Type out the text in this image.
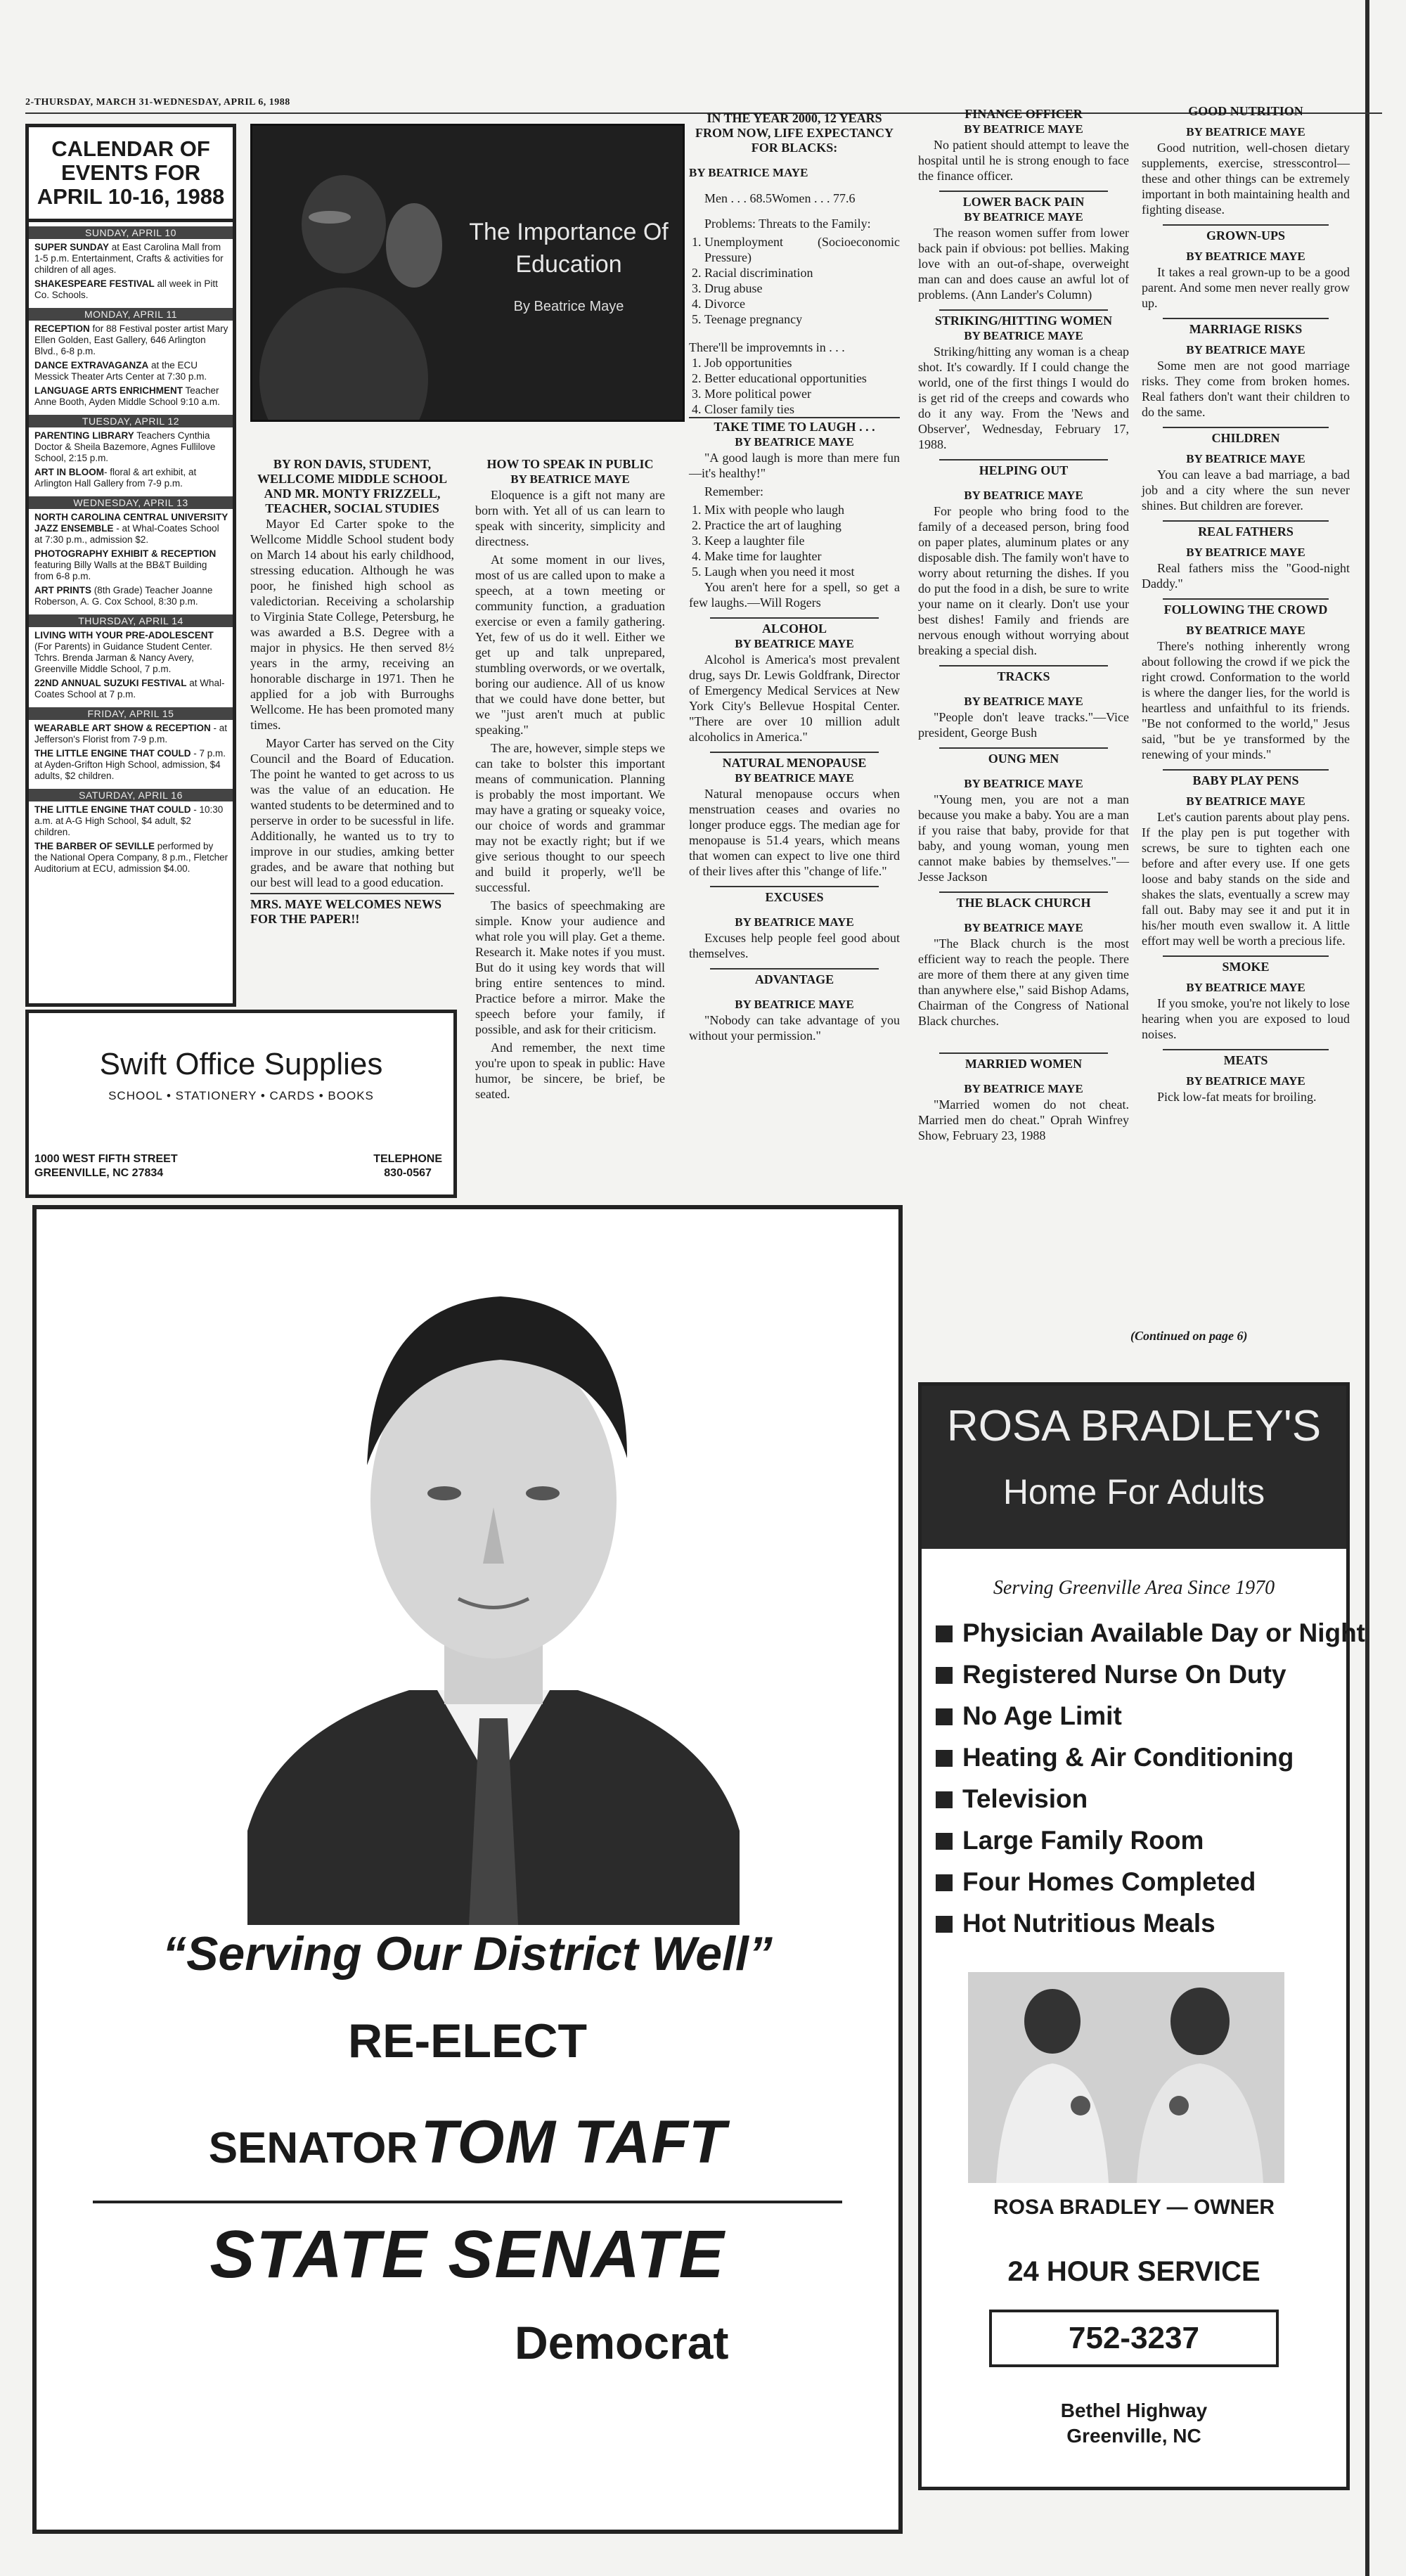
2-THURSDAY, MARCH 31-WEDNESDAY, APRIL 6, 1988
CALENDAR OF EVENTS FOR APRIL 10-16, 1988
SUNDAY, APRIL 10
SUPER SUNDAY at East Carolina Mall from 1-5 p.m. Entertainment, Crafts & activities for children of all ages.
SHAKESPEARE FESTIVAL all week in Pitt Co. Schools.
MONDAY, APRIL 11
RECEPTION for 88 Festival poster artist Mary Ellen Golden, East Gallery, 646 Arlington Blvd., 6-8 p.m.
DANCE EXTRAVAGANZA at the ECU Messick Theater Arts Center at 7:30 p.m.
LANGUAGE ARTS ENRICHMENT Teacher Anne Booth, Ayden Middle School 9:10 a.m.
TUESDAY, APRIL 12
PARENTING LIBRARY Teachers Cynthia Doctor & Sheila Bazemore, Agnes Fullilove School, 2:15 p.m.
ART IN BLOOM- floral & art exhibit, at Arlington Hall Gallery from 7-9 p.m.
WEDNESDAY, APRIL 13
NORTH CAROLINA CENTRAL UNIVERSITY JAZZ ENSEMBLE - at Whal-Coates School at 7:30 p.m., admission $2.
PHOTOGRAPHY EXHIBIT & RECEPTION featuring Billy Walls at the BB&T Building from 6-8 p.m.
ART PRINTS (8th Grade) Teacher Joanne Roberson, A. G. Cox School, 8:30 p.m.
THURSDAY, APRIL 14
LIVING WITH YOUR PRE-ADOLESCENT (For Parents) in Guidance Student Center. Tchrs. Brenda Jarman & Nancy Avery, Greenville Middle School, 7 p.m.
22ND ANNUAL SUZUKI FESTIVAL at Whal-Coates School at 7 p.m.
FRIDAY, APRIL 15
WEARABLE ART SHOW & RECEPTION - at Jefferson's Florist from 7-9 p.m.
THE LITTLE ENGINE THAT COULD - 7 p.m. at Ayden-Grifton High School, admission, $4 adults, $2 children.
SATURDAY, APRIL 16
THE LITTLE ENGINE THAT COULD - 10:30 a.m. at A-G High School, $4 adult, $2 children.
THE BARBER OF SEVILLE performed by the National Opera Company, 8 p.m., Fletcher Auditorium at ECU, admission $4.00.
The Importance Of Education
By Beatrice Maye
BY RON DAVIS, STUDENT, WELLCOME MIDDLE SCHOOL AND MR. MONTY FRIZZELL, TEACHER, SOCIAL STUDIES

Mayor Ed Carter spoke to the Wellcome Middle School student body on March 14 about his early childhood, stressing education. Although he was poor, he finished high school as valedictorian. Receiving a scholarship to Virginia State College, Petersburg, he was awarded a B.S. Degree with a major in physics. He then served 8½ years in the army, receiving an honorable discharge in 1971. Then he applied for a job with Burroughs Wellcome. He has been promoted many times.

Mayor Carter has served on the City Council and the Board of Education. The point he wanted to get across to us was the value of an education. He wanted students to be determined and to perserve in order to be sucessful in life. Additionally, he wanted us to try to improve in our studies, amking better grades, and be aware that nothing but our best will lead to a good education.

MRS. MAYE WELCOMES NEWS FOR THE PAPER!!
HOW TO SPEAK IN PUBLIC
BY BEATRICE MAYE

Eloquence is a gift not many are born with. Yet all of us can learn to speak with sincerity, simplicity and directness.

At some moment in our lives, most of us are called upon to make a speech, at a town meeting or community function, a graduation exercise or even a family gathering. Yet, few of us do it well. Either we get up and talk unprepared, stumbling overwords, or we overtalk, boring our audience. All of us know that we could have done better, but we "just aren't much at public speaking."

The are, however, simple steps we can take to bolster this important means of communication. Planning is probably the most important. We may have a grating or squeaky voice, our choice of words and grammar may not be exactly right; but if we give serious thought to our speech and build it properly, we'll be successful.

The basics of speechmaking are simple. Know your audience and what role you will play. Get a theme. Research it. Make notes if you must. But do it using key words that will bring entire sentences to mind. Practice before a mirror. Make the speech before your family, if possible, and ask for their criticism.

And remember, the next time you're upon to speak in public: Have humor, be sincere, be brief, be seated.

IN THE YEAR 2000, 12 YEARS FROM NOW, LIFE EXPECTANCY FOR BLACKS:
BY BEATRICE MAYE

Men . . . 68.5Women . . . 77.6

Problems: Threats to the Family:

1. Unemployment (Socioeconomic Pressure)
2. Racial discrimination
3. Drug abuse
4. Divorce
5. Teenage pregnancy
There'll be improvemnts in . . .
1. Job opportunities
2. Better educational opportunities
3. More political power
4. Closer family ties
TAKE TIME TO LAUGH . . .
BY BEATRICE MAYE

"A good laugh is more than mere fun—it's healthy!"

Remember:

1. Mix with people who laugh
2. Practice the art of laughing
3. Keep a laughter file
4. Make time for laughter
5. Laugh when you need it most

You aren't here for a spell, so get a few laughs.—Will Rogers

ALCOHOL
BY BEATRICE MAYE

Alcohol is America's most prevalent drug, says Dr. Lewis Goldfrank, Director of Emergency Medical Services at New York City's Bellevue Hospital Center. "There are over 10 million adult alcoholics in America."

NATURAL MENOPAUSE
BY BEATRICE MAYE

Natural menopause occurs when menstruation ceases and ovaries no longer produce eggs. The median age for menopause is 51.4 years, which means that women can expect to live one third of their lives after this "change of life."

EXCUSES
BY BEATRICE MAYE

Excuses help people feel good about themselves.

ADVANTAGE
BY BEATRICE MAYE

"Nobody can take advantage of you without your permission."

FINANCE OFFICER
BY BEATRICE MAYE

No patient should attempt to leave the hospital until he is strong enough to face the finance officer.

LOWER BACK PAIN
BY BEATRICE MAYE

The reason women suffer from lower back pain if obvious: pot bellies. Making love with an out-of-shape, overweight man can and does cause an awful lot of problems. (Ann Lander's Column)

STRIKING/HITTING WOMEN
BY BEATRICE MAYE

Striking/hitting any woman is a cheap shot. It's cowardly. If I could change the world, one of the first things I would do is get rid of the creeps and cowards who do it any way. From the 'News and Observer', Wednesday, February 17, 1988.

HELPING OUT
BY BEATRICE MAYE

For people who bring food to the family of a deceased person, bring food on paper plates, aluminum plates or any disposable dish. The family won't have to worry about returning the dishes. If you do put the food in a dish, be sure to write your name on it clearly. Don't use your best dishes! Family and friends are nervous enough without worrying about breaking a special dish.

TRACKS
BY BEATRICE MAYE

"People don't leave tracks."—Vice president, George Bush

OUNG MEN
BY BEATRICE MAYE

"Young men, you are not a man because you make a baby. You are a man if you raise that baby, provide for that baby, and young woman, young men cannot make babies by themselves."—Jesse Jackson

THE BLACK CHURCH
BY BEATRICE MAYE

"The Black church is the most efficient way to reach the people. There are more of them there at any given time than anywhere else," said Bishop Adams, Chairman of the Congress of National Black churches.

MARRIED WOMEN
BY BEATRICE MAYE

"Married women do not cheat. Married men do cheat." Oprah Winfrey Show, February 23, 1988

GOOD NUTRITION
BY BEATRICE MAYE

Good nutrition, well-chosen dietary supplements, exercise, stresscontrol—these and other things can be extremely important in both maintaining health and fighting disease.

GROWN-UPS
BY BEATRICE MAYE

It takes a real grown-up to be a good parent. And some men never really grow up.

MARRIAGE RISKS
BY BEATRICE MAYE

Some men are not good marriage risks. They come from broken homes. Real fathers don't want their children to do the same.

CHILDREN
BY BEATRICE MAYE

You can leave a bad marriage, a bad job and a city where the sun never shines. But children are forever.

REAL FATHERS
BY BEATRICE MAYE

Real fathers miss the "Good-night Daddy."

FOLLOWING THE CROWD
BY BEATRICE MAYE

There's nothing inherently wrong about following the crowd if we pick the right crowd. Conformation to the world is where the danger lies, for the world is heartless and unfaithful to its friends. "Be not conformed to the world," Jesus said, "but be ye transformed by the renewing of your minds."

BABY PLAY PENS
BY BEATRICE MAYE

Let's caution parents about play pens. If the play pen is put together with screws, be sure to tighten each one before and after every use. If one gets loose and baby stands on the side and shakes the slats, eventually a screw may fall out. Baby may see it and put it in his/her mouth even swallow it. A little effort may well be worth a precious life.

SMOKE
BY BEATRICE MAYE

If you smoke, you're not likely to lose hearing when you are exposed to loud noises.

MEATS
BY BEATRICE MAYE

Pick low-fat meats for broiling.

(Continued on page 6)
Swift Office Supplies
SCHOOL • STATIONERY • CARDS • BOOKS
1000 WEST FIFTH STREET
GREENVILLE, NC 27834
TELEPHONE
830-0567
“Serving Our District Well”
RE-ELECT
SENATOR TOM TAFT
STATE SENATE
Democrat
ROSA BRADLEY'S
Home For Adults
Serving Greenville Area Since 1970
Physician Available Day or Night
Registered Nurse On Duty
No Age Limit
Heating & Air Conditioning
Television
Large Family Room
Four Homes Completed
Hot Nutritious Meals
ROSA BRADLEY — OWNER
24 HOUR SERVICE
752-3237
Bethel Highway
Greenville, NC
